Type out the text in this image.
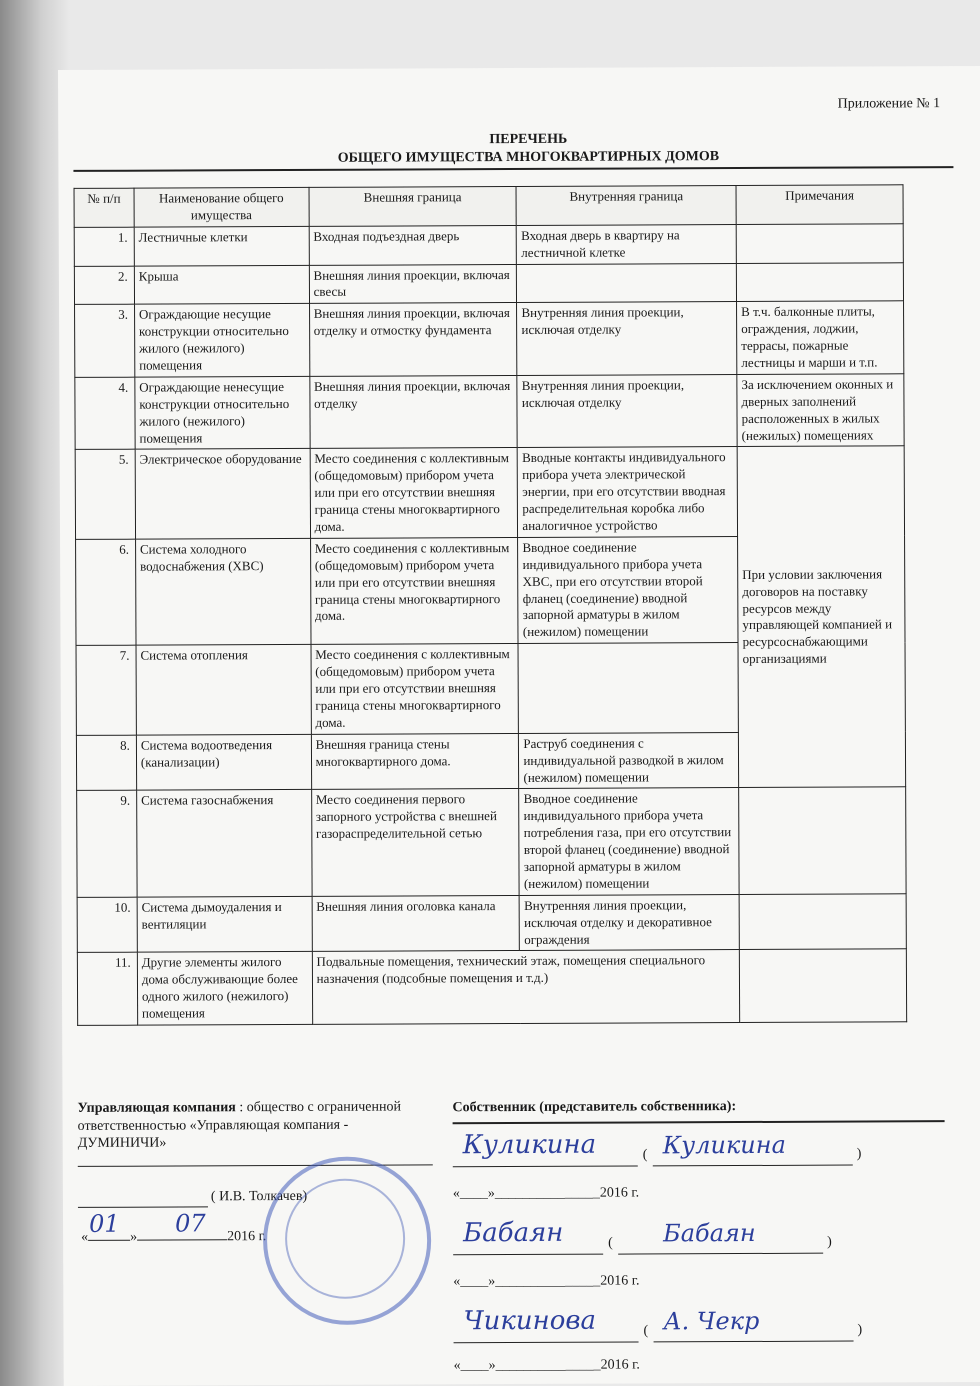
Приложение № 1
ПЕРЕЧЕНЬ
ОБЩЕГО ИМУЩЕСТВА МНОГОКВАРТИРНЫХ ДОМОВ
№ п/п	Наименование общего имущества	Внешняя граница	Внутренняя граница	Примечания
1.	Лестничные клетки	Входная подъездная дверь	Входная дверь в квартиру на лестничной клетке	
2.	Крыша	Внешняя линия проекции, включая свесы		
3.	Ограждающие несущие конструкции относительно жилого (нежилого) помещения	Внешняя линия проекции, включая отделку и отмостку фундамента	Внутренняя линия проекции, исключая отделку	В т.ч. балконные плиты, ограждения, лоджии, террасы, пожарные лестницы и марши и т.п.
4.	Ограждающие ненесущие конструкции относительно жилого (нежилого) помещения	Внешняя линия проекции, включая отделку	Внутренняя линия проекции, исключая отделку	За исключением оконных и дверных заполнений расположенных в жилых (нежилых) помещениях
5.	Электрическое оборудование	Место соединения с коллективным (общедомовым) прибором учета или при его отсутствии внешняя граница стены многоквартирного дома.	Вводные контакты индивидуального прибора учета электрической энергии, при его отсутствии вводная распределительная коробка либо аналогичное устройство	При условии заключения договоров на поставку ресурсов между управляющей компанией и ресурсоснабжающими организациями
6.	Система холодного водоснабжения (ХВС)	Место соединения с коллективным (общедомовым) прибором учета или при его отсутствии внешняя граница стены многоквартирного дома.	Вводное соединение индивидуального прибора учета ХВС, при его отсутствии второй фланец (соединение) вводной запорной арматуры в жилом (нежилом) помещении	
7.	Система отопления	Место соединения с коллективным (общедомовым) прибором учета или при его отсутствии внешняя граница стены многоквартирного дома.		
8.	Система водоотведения (канализации)	Внешняя граница стены многоквартирного дома.	Раструб соединения с индивидуальной разводкой в жилом (нежилом) помещении	
9.	Система газоснабжения	Место соединения первого запорного устройства с внешней газораспределительной сетью	Вводное соединение индивидуального прибора учета потребления газа, при его отсутствии второй фланец (соединение) вводной запорной арматуры в жилом (нежилом) помещении	
10.	Система дымоудаления и вентиляции	Внешняя линия оголовка канала	Внутренняя линия проекции, исключая отделку и декоративное ограждения	
11.	Другие элементы жилого дома обслуживающие более одного жилого (нежилого) помещения	Подвальные помещения, технический этаж, помещения специального назначения (подсобные помещения и т.д.)		
Управляющая компания : общество с ограниченной ответственностью «Управляющая компания - ДУМИНИЧИ»
( И.В. Толкачев)
«	»	2016 г.
01 07
Собственник (представитель собственника):
Куликина	Куликина
(	)
«____»_______________2016 г.
Бабаян	Бабаян
(	)
«____»_______________2016 г.
Чикинова	А. Чекр
(	)
«____»_______________2016 г.
